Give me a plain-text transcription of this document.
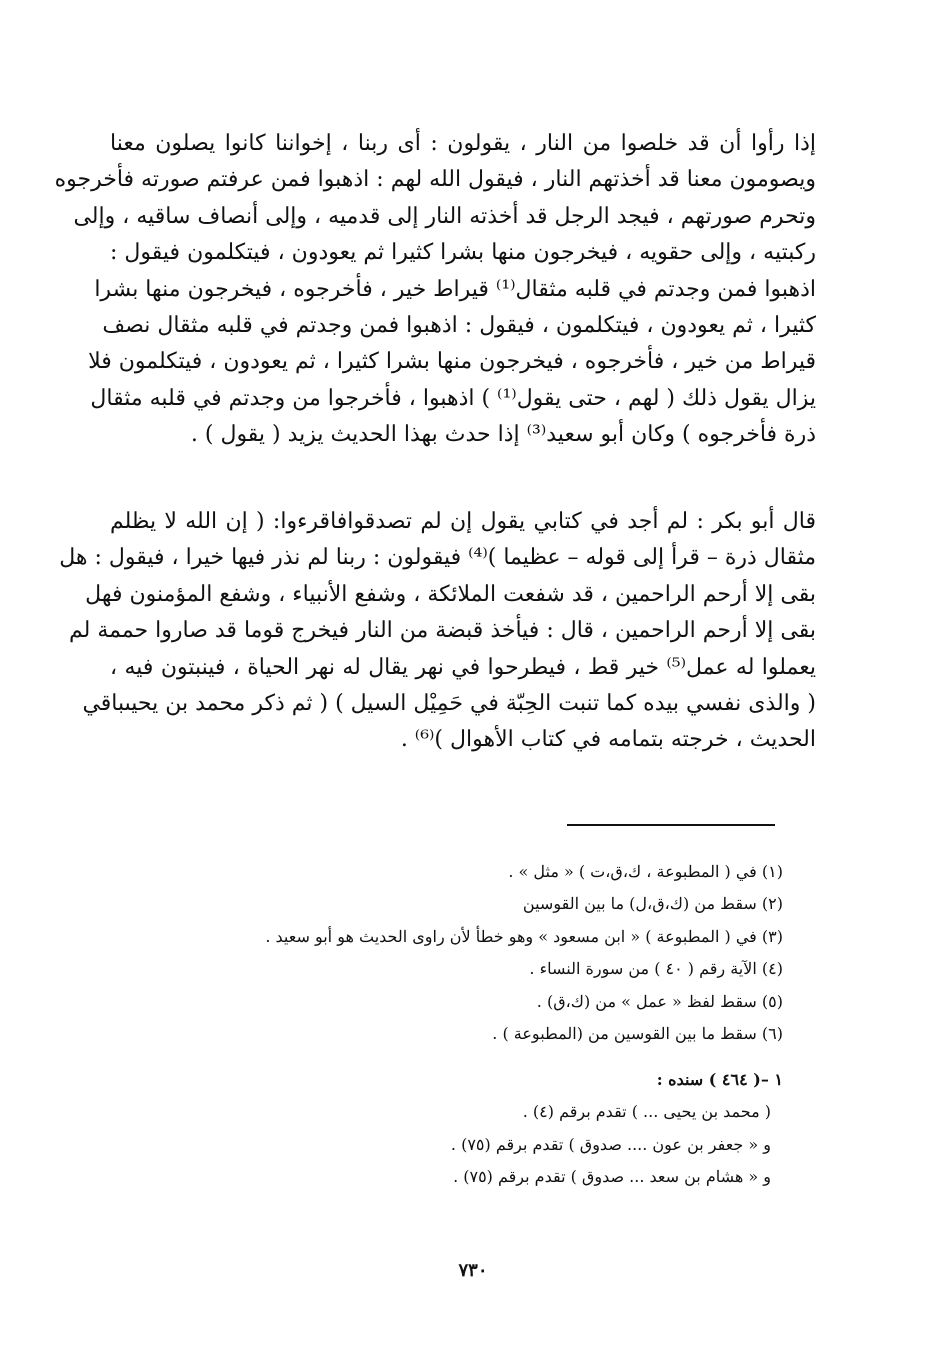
إذا رأوا أن قد خلصوا من النار ، يقولون : أى ربنا ، إخواننا كانوا يصلون معنا
ويصومون معنا قد أخذتهم النار ، فيقول الله لهم : اذهبوا فمن عرفتم صورته فأخرجوه
وتحرم صورتهم ، فيجد الرجل قد أخذته النار إلى قدميه ، وإلى أنصاف ساقيه ، وإلى
ركبتيه ، وإلى حقويه ، فيخرجون منها بشرا كثيرا ثم يعودون ، فيتكلمون فيقول :
اذهبوا فمن وجدتم في قلبه مثقال⁽¹⁾ قيراط خير ، فأخرجوه ، فيخرجون منها بشرا
كثيرا ، ثم يعودون ، فيتكلمون ، فيقول : اذهبوا فمن وجدتم في قلبه مثقال نصف
قيراط من خير ، فأخرجوه ، فيخرجون منها بشرا كثيرا ، ثم يعودون ، فيتكلمون فلا
يزال يقول ذلك ( لهم ، حتى يقول⁽¹⁾ ) اذهبوا ، فأخرجوا من وجدتم في قلبه مثقال
ذرة فأخرجوه ) وكان أبو سعيد⁽³⁾ إذا حدث بهذا الحديث يزيد ( يقول ) .
قال أبو بكر : لم أجد في كتابي يقول إن لم تصدقوافاقرءوا: ( إن الله لا يظلم
مثقال ذرة – قرأ إلى قوله – عظيما )⁽⁴⁾ فيقولون : ربنا لم نذر فيها خيرا ، فيقول : هل
بقى إلا أرحم الراحمين ، قد شفعت الملائكة ، وشفع الأنبياء ، وشفع المؤمنون فهل
بقى إلا أرحم الراحمين ، قال : فيأخذ قبضة من النار فيخرج قوما قد صاروا حممة لم
يعملوا له عمل⁽⁵⁾ خير قط ، فيطرحوا في نهر يقال له نهر الحياة ، فينبتون فيه ،
( والذى نفسي بيده كما تنبت الحِبّة في حَمِيْل السيل ) ( ثم ذكر محمد بن يحيىباقي
الحديث ، خرجته بتمامه في كتاب الأهوال )⁽⁶⁾ .
(١) في ( المطبوعة ، ك،ق،ت ) « مثل » .
(٢) سقط من (ك،ق،ل) ما بين القوسين
(٣) في ( المطبوعة ) « ابن مسعود » وهو خطأ لأن راوى الحديث هو أبو سعيد .
(٤) الآية رقم ( ٤٠ ) من سورة النساء .
(٥) سقط لفظ « عمل » من (ك،ق) .
(٦) سقط ما بين القوسين من (المطبوعة ) .
١ –( ٤٦٤ ) سنده :
( محمد بن يحيى ... ) تقدم برقم (٤) .
و « جعفر بن عون .... صدوق ) تقدم برقم (٧٥) .
و « هشام بن سعد ... صدوق ) تقدم برقم (٧٥) .
٧٣٠
